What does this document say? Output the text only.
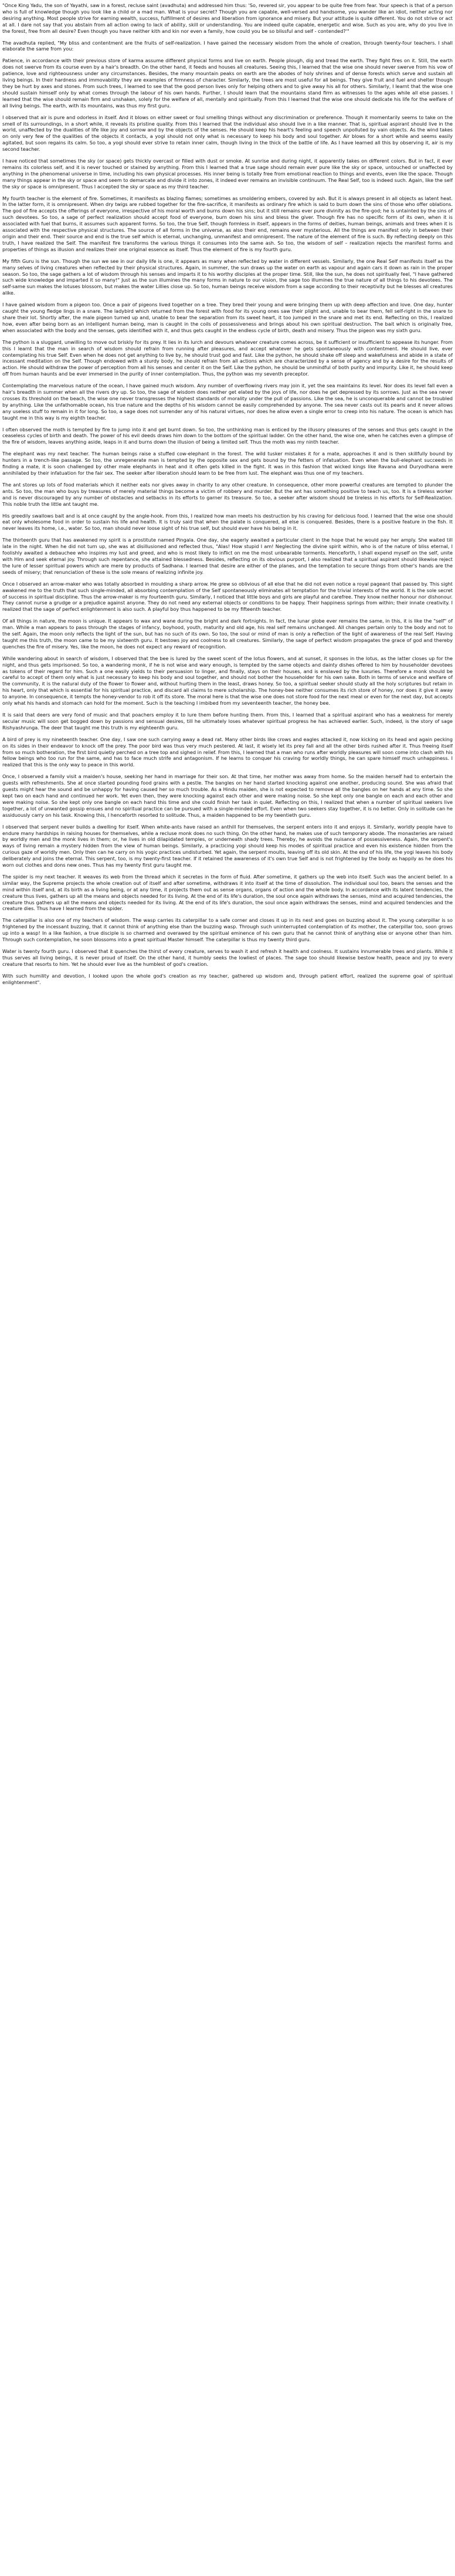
"Once King Yadu, the son of Yayathi, saw in a forest, recluse saint (avadhuta) and addressed him thus: 'So, revered sir, you appear to be quite free from fear. Your speech is that of a person who is full of knowledge though you look like a child or a mad man. What is your secret? Though you are capable, well-versed and handsome, you wander like an idiot, neither acting nor desiring anything. Most people strive for earning wealth, success, fulfillment of desires and liberation from ignorance and misery. But your attitude is quite different. You do not strive or act at all. I dare not say that you abstain from all action owing to lack of ability, skill or understanding. You are indeed quite capable, energetic and wise. Such as you are, why do you live in the forest, free from all desire? Even though you have neither kith and kin nor even a family, how could you be so blissful and self - contended?'"

The avadhuta replied, "My bliss and contentment are the fruits of self-realization. I have gained the necessary wisdom from the whole of creation, through twenty-four teachers. I shall elaborate the same from you:

Patience, in accordance with their previous store of karma assume different physical forms and live on earth. People plough, dig and tread the earth. They fight fires on it. Still, the earth does not swerve from its course even by a hair's breadth. On the other hand, it feeds and houses all creatures. Seeing this, I learned that the wise one should never swerve from his vow of patience, love and righteousness under any circumstances. Besides, the many mountain peaks on earth are the abodes of holy shrines and of dense forests which serve and sustain all living beings. In their hardness and immovability they are examples of firmness of character. Similarly, the trees are most useful for all beings. They give fruit and fuel and shelter though they be hurt by axes and stones. From such trees, I learned to see that the good person lives only for helping others and to give away his all for others. Similarly, I learnt that the wise one should sustain himself only by what comes through the labour of his own hands. Further, I should learn that the mountains stand firm as witnesses to the ages while all else passes. I learned that the wise should remain firm and unshaken, solely for the welfare of all, mentally and spiritually. From this I learned that the wise one should dedicate his life for the welfare of all living beings. The earth, with its mountains, was thus my first guru.

I observed that air is pure and odorless in itself. And it blows on either sweet or foul smelling things without any discrimination or preference. Though it momentarily seems to take on the smell of its surroundings, in a short while, it reveals its pristine quality. From this I learned that the individual also should live in a like manner. That is, spiritual aspirant should live in the world, unaffected by the dualities of life like joy and sorrow and by the objects of the senses. He should keep his heart's feeling and speech unpolluted by vain objects. As the wind takes on only very few of the qualities of the objects it contacts, a yogi should not only what is necessary to keep his body and soul together. Air blows for a short while and seems easily agitated, but soon regains its calm. So too, a yogi should ever strive to retain inner calm, though living in the thick of the battle of life. As I have learned all this by observing it, air is my second teacher.

I have noticed that sometimes the sky (or space) gets thickly overcast or filled with dust or smoke. At sunrise and during night, it apparently takes on different colors. But in fact, it ever remains its colorless self, and it is never touched or stained by anything. From this I learned that a true sage should remain ever pure like the sky or space, untouched or unaffected by anything in the phenomenal universe in time, including his own physical processes. His inner being is totally free from emotional reaction to things and events, even like the space. Though many things appear in the sky or space and seem to demarcate and divide it into zones, it indeed ever remains an invisible continuum. The Real Self, too is indeed such. Again, like the self the sky or space is omnipresent. Thus I accepted the sky or space as my third teacher.

My fourth teacher is the element of fire. Sometimes, it manifests as blazing flames; sometimes as smoldering embers, covered by ash. But it is always present in all objects as latent heat. In the latter form, it is omnipresent. When dry twigs are rubbed together for the fire-sacrifice, it manifests as ordinary fire which is said to burn down the sins of those who offer oblations. The god of fire accepts the offerings of everyone, irrespective of his moral worth and burns down his sins; but it still remains ever pure divinity as the fire-god; he is untainted by the sins of such devotees. So too, a sage of perfect realization should accept food of everyone, burn down his sins and bless the giver. Though fire has no specific form of its own, when it is associated with fuel that burns, it assumes such apparent forms. So too, the true Self, though formless in itself, appears in the forms of deities, human beings, animals and trees when it is associated with the respective physical structures. The source of all forms in the universe, as also their end, remains ever mysterious. All the things are manifest only in between their origin and their end. Their source and end is the true self which is eternal, unchanging, unmanifest and omnipresent. The nature of the element of fire is such. By reflecting deeply on this truth, I have realized the Self. The manifest fire transforms the various things it consumes into the same ash. So too, the wisdom of self – realization rejects the manifest forms and properties of things as illusion and realizes their one original essence as itself. Thus the element of fire is my fourth guru.

My fifth Guru is the sun. Though the sun we see in our daily life is one, it appears as many when reflected by water in different vessels. Similarly, the one Real Self manifests itself as the many selves of living creatures when reflected by their physical structures. Again, in summer, the sun draws up the water on earth as vapour and again cars it down as rain in the proper season. So too, the sage gathers a lot of wisdom through his senses and imparts it to his worthy disciples at the proper time. Still, like the sun, he does not spiritually feel, "I have gathered such wide knowledge and imparted it so many!" Just as the sun illumines the many forms in nature to our vision, the sage too illumines the true nature of all things to his devotees. The self-same sun makes the lotuses blossom, but makes the water Lillies close up. So too, human beings receive wisdom from a sage according to their receptivity but he blesses all creatures alike.

I have gained wisdom from a pigeon too. Once a pair of pigeons lived together on a tree. They bred their young and were bringing them up with deep affection and love. One day, hunter caught the young fledge lings in a snare. The ladybird which returned from the forest with food for its young ones saw their plight and, unable to bear them, fell self-right in the snare to share their lot. Shortly after, the male pigeon turned up and, unable to bear the separation from its sweet heart, it too jumped in the snare and met its end. Reflecting on this, I realized how, even after being born as an intelligent human being, man is caught in the coils of possessiveness and brings about his own spiritual destruction. The bait which is originally free, when associated with the body and the senses, gets identified with it, and thus gets caught in the endless cycle of birth, death and misery. Thus the pigeon was my sixth guru.

The python is a sluggard, unwilling to move out briskly for its prey. It lies in its lurch and devours whatever creature comes across, be it sufficient or insufficient to appease its hunger. From this I learnt that the man in search of wisdom should refrain from running after pleasures, and accept whatever he gets spontaneously with contentment. He should live, ever contemplating his true Self. Even when he does not get anything to live by, he should trust god and fast. Like the python, he should shake off sleep and wakefulness and abide in a state of incessant meditation on the Self. Though endowed with a sturdy body, he should refrain from all actions which are characterized by a sense of agency and by a desire for the results of action. He should withdraw the power of perception from all his senses and center it on the Self. Like the python, he should be unmindful of both purity and impurity. Like it, he should keep off from human haunts and be ever immersed in the purity of inner contemplation. Thus, the python was my seventh preceptor.

Contemplating the marvelous nature of the ocean, I have gained much wisdom. Any number of overflowing rivers may join it, yet the sea maintains its level. Nor does its level fall even a hair's breadth in summer when all the rivers dry up. So too, the sage of wisdom does neither get elated by the joys of life, nor does he get depressed by its sorrows. Just as the sea never crosses its threshold on the beach, the wise one never transgresses the highest standards of morality under the pull of passions. Like the sea, he is unconquerable and cannot be troubled by anything. Like the unfathomable ocean, his true nature and the depths of his wisdom cannot be easily comprehended by anyone. The sea never casts out its pearls and it never allows any useless stuff to remain in it for long. So too, a sage does not surrender any of his natural virtues, nor does he allow even a single error to creep into his nature. The ocean is which has taught me in this way is my eighth teacher.

I often observed the moth is tempted by fire to jump into it and get burnt down. So too, the unthinking man is enticed by the illusory pleasures of the senses and thus gets caught in the ceaseless cycles of birth and death. The power of his evil deeds draws him down to the bottom of the spiritual ladder. On the other hand, the wise one, when he catches even a glimpse of the fire of wisdom, leaves anything aside, leaps in it and burns down the illusion of being a limited self. Thus the moth was my ninth teacher.

The elephant was my next teacher. The human beings raise a stuffed cow-elephant in the forest. The wild tusker mistakes it for a mate, approaches it and is then skillfully bound by hunters in a trench-like passage. So too, the unregenerate man is tempted by the opposite sex and gets bound by the fetters of infatuation. Even when the bull-elephant succeeds in finding a mate, it is soon challenged by other male elephants in heat and it often gets killed in the fight. It was in this fashion that wicked kings like Ravana and Duryodhana were annihilated by their infatuation for the fair sex. The seeker after liberation should learn to be free from lust. The elephant was thus one of my teachers.

The ant stores up lots of food materials which it neither eats nor gives away in charity to any other creature. In consequence, other more powerful creatures are tempted to plunder the ants. So too, the man who buys by treasures of merely material things become a victim of robbery and murder. But the ant has something positive to teach us, too. It is a tireless worker and is never discouraged by any number of obstacles and setbacks in its efforts to garner its treasure. So too, a seeker after wisdom should be tireless in his efforts for Self-Realization. This noble truth the little ant taught me.

His greedily swallows bait and is at once caught by the angle-hook. From this, I realized how man meets his destruction by his craving for delicious food. I learned that the wise one should eat only wholesome food in order to sustain his life and health. It is truly said that when the palate is conquered, all else is conquered. Besides, there is a positive feature in the fish. It never leaves its home, i.e., water. So too, man should never loose sight of his true self, but should ever have his being in it.

The thirteenth guru that has awakened my spirit is a prostitute named Pingala. One day, she eagerly awaited a particular client in the hope that he would pay her amply. She waited till late in the night. When he did not turn up, she was at disillusioned and reflected thus, "Alas! How stupid I am! Neglecting the divine spirit within, who is of the nature of bliss eternal, I foolishly awaited a debauchee who inspires my lust and greed, and who is most likely to inflict on me the most unbearable torments. Henceforth, I shall expend myself on the self, unite with Him and seek eternal joy. Through such repentance, she attained blessedness. Besides, reflecting on its obvious purport, I also realized that a spiritual aspirant should likewise reject the lure of lesser spiritual powers which are mere by products of Sadhana. I learned that desire are either of the planes, and the temptation to secure things from other's hands are the seeds of misery; that renunciation of these is the sole means of realizing infinite joy.

Once I observed an arrow-maker who was totally absorbed in moulding a sharp arrow. He grew so oblivious of all else that he did not even notice a royal pageant that passed by. This sight awakened me to the truth that such single-minded, all absorbing contemplation of the Self spontaneously eliminates all temptation for the trivial interests of the world. It is the sole secret of success in spiritual discipline. Thus the arrow-maker is my fourteenth guru. Similarly, I noticed that little boys and girls are playful and carefree. They know neither honour nor dishonour. They cannot nurse a grudge or a prejudice against anyone. They do not need any external objects or conditions to be happy. Their happiness springs from within; their innate creativity. I realized that the sage of perfect enlightenment is also such. A playful boy thus happened to be my fifteenth teacher.

Of all things in nature, the moon is unique. It appears to wax and wane during the bright and dark fortnights. In fact, the lunar globe ever remains the same, in this, it is like the "self" of man. While a man appears to pass through the stages of infancy, boyhood, youth, maturity and old age, his real self remains unchanged. All changes pertain only to the body and not to the self. Again, the moon only reflects the light of the sun, but has no such of its own. So too, the soul or mind of man is only a reflection of the light of awareness of the real Self. Having taught me this truth, the moon came to be my sixteenth guru. It bestows joy and coolness to all creatures. Similarly, the sage of perfect wisdom propagates the grace of god and thereby quenches the fire of misery. Yes, like the moon, he does not expect any reward of recognition.

While wandering about in search of wisdom, I observed that the bee is lured by the sweet scent of the lotus flowers, and at sunset, it sponses in the lotus, as the latter closes up for the night, and thus gets imprisoned. So too, a wandering monk, if he is not wise and wary enough, is tempted by the same objects and dainty dishes offered to him by householder devotees as tokens of their regard for him. Such a one easily yields to their persuasion to linger, and finally, stays on their houses, and is enslaved by the luxuries. Therefore a monk should be careful to accept of them only what is just necessary to keep his body and soul together, and should not bother the householder for his own sake. Both in terms of service and welfare of the community, it is the natural duty of the flower to flower and, without hurting them in the least, draws honey. So too, a spiritual seeker should study all the holy scriptures but retain in his heart, only that which is essential for his spiritual practice, and discard all claims to mere scholarship. The honey-bee neither consumes its rich store of honey, nor does it give it away to anyone. In consequence, it tempts the honey-vendor to rob it off its store. The moral here is that the wise one does not store food for the next meal or even for the next day, but accepts only what his hands and stomach can hold for the moment. Such is the teaching I imbibed from my seventeenth teacher, the honey bee.

It is said that deers are very fond of music and that poachers employ it to lure them before hunting them. From this, I learned that a spiritual aspirant who has a weakness for merely secular music will soon get bogged down by passions and sensual desires, till he ultimately loses whatever spiritual progress he has achieved earlier. Such, indeed, is the story of sage Rishyashrunga. The deer that taught me this truth is my eighteenth guru.

A bird of prey is my nineteenth teacher. One day, I saw one such carrying away a dead rat. Many other birds like crows and eagles attacked it, now kicking on its head and again pecking on its sides in their endeavor to knock off the prey. The poor bird was thus very much pestered. At last, it wisely let its prey fall and all the other birds rushed after it. Thus freeing itself from so much botheration, the first bird quietly perched on a tree top and sighed in relief. From this, I learned that a man who runs after worldly pleasures will soon come into clash with his fellow beings who too run for the same, and has to face much strife and antagonism. If he learns to conquer his craving for worldly things, he can spare himself much unhappiness. I realized that this is the only way to peace in this world.

Once, I observed a family visit a maiden's house, seeking her hand in marriage for their son. At that time, her mother was away from home. So the maiden herself had to entertain the guests with refreshments. She at once started pounding food grains with a pestle. The bangles on her hand started knocking against one another, producing sound. She was afraid that guests might hear the sound and be unhappy for having caused her so much trouble. As a Hindu maiden, she is not expected to remove all the bangles on her hands at any time. So she kept two on each hand and continued her work. Yet even then, they were knocking against each other and were making noise. So she kept only one bangle on each and each other and were making noise. So she kept only one bangle on each hand this time and she could finish her task in quiet. Reflecting on this, I realized that when a number of spiritual seekers live together, a lot of unwanted gossip ensues and no spiritual practice can be pursued with a single-minded effort. Even when two seekers stay together, it is no better. Only in solitude can he assiduously carry on his task. Knowing this, I henceforth resorted to solitude. Thus, a maiden happened to be my twentieth guru.

I observed that serpent never builds a dwelling for itself. When white-ants have raised an anthill for themselves, the serpent enters into it and enjoys it. Similarly, worldly people have to endure many hardships in raising houses for themselves, while a recluse monk does no such thing. On the other hand, he makes use of such temporary abode. The monasteries are raised by worldly men and the monk lives in them; or, he lives in old dilapidated temples, or underneath shady trees. Thereby, he avoids the nuisance of possessiveness. Again, the serpent's ways of living remain a mystery hidden from the view of human beings. Similarly, a practicing yogi should keep his modes of spiritual practice and even his existence hidden from the curious gaze of worldly men. Only then can he carry on his yogic practices undisturbed. Yet again, the serpent moults, leaving off its old skin. At the end of his life, the yogi leaves his body deliberately and joins the eternal. This serpent, too, is my twenty-first teacher. If it retained the awareness of it's own true Self and is not frightened by the body as happily as he does his worn out clothes and dons new ones. Thus has my twenty first guru taught me.

The spider is my next teacher. It weaves its web from the thread which it secretes in the form of fluid. After sometime, it gathers up the web into itself. Such was the ancient belief. In a similar way, the Supreme projects the whole creation out of itself and after sometime, withdraws it into itself at the time of dissolution. The individual soul too, bears the senses and the mind within itself and, at its birth as a living being, or at any time, it projects them out as sense organs, organs of action and the whole body. In accordance with its latent tendencies, the creature thus lives, gathers up all the means and objects needed for its living. At the end of its life's duration, the soul once again withdraws the senses, mind and acquired tendencies, the creature thus gathers up all the means and objects needed for its living. At the end of its life's duration, the soul once again withdraws the senses, mind and acquired tendencies and the creature dies. Thus have I learned from the spider.

The caterpillar is also one of my teachers of wisdom. The wasp carries its caterpillar to a safe corner and closes it up in its nest and goes on buzzing about it. The young caterpillar is so frightened by the incessant buzzing, that it cannot think of anything else than the buzzing wasp. Through such uninterrupted contemplation of its mother, the caterpillar too, soon grows up into a wasp! In a like fashion, a true disciple is so charmed and overawed by the spiritual eminence of his own guru that he cannot think of anything else or anyone other than him. Through such contemplation, he soon blossoms into a great spiritual Master himself. The caterpillar is thus my twenty third guru.

Water is twenty fourth guru. I observed that it quenches the thirst of every creature, serves to wash it and refresh it health and coolness. It sustains innumerable trees and plants. While it thus serves all living beings, it is never proud of itself. On the other hand, it humbly seeks the lowliest of places. The sage too should likewise bestow health, peace and joy to every creature that resorts to him. Yet he should ever live as the humblest of god's creation.

With such humility and devotion, I looked upon the whole god's creation as my teacher, gathered up wisdom and, through patient effort, realized the supreme goal of spiritual enlightenment".
